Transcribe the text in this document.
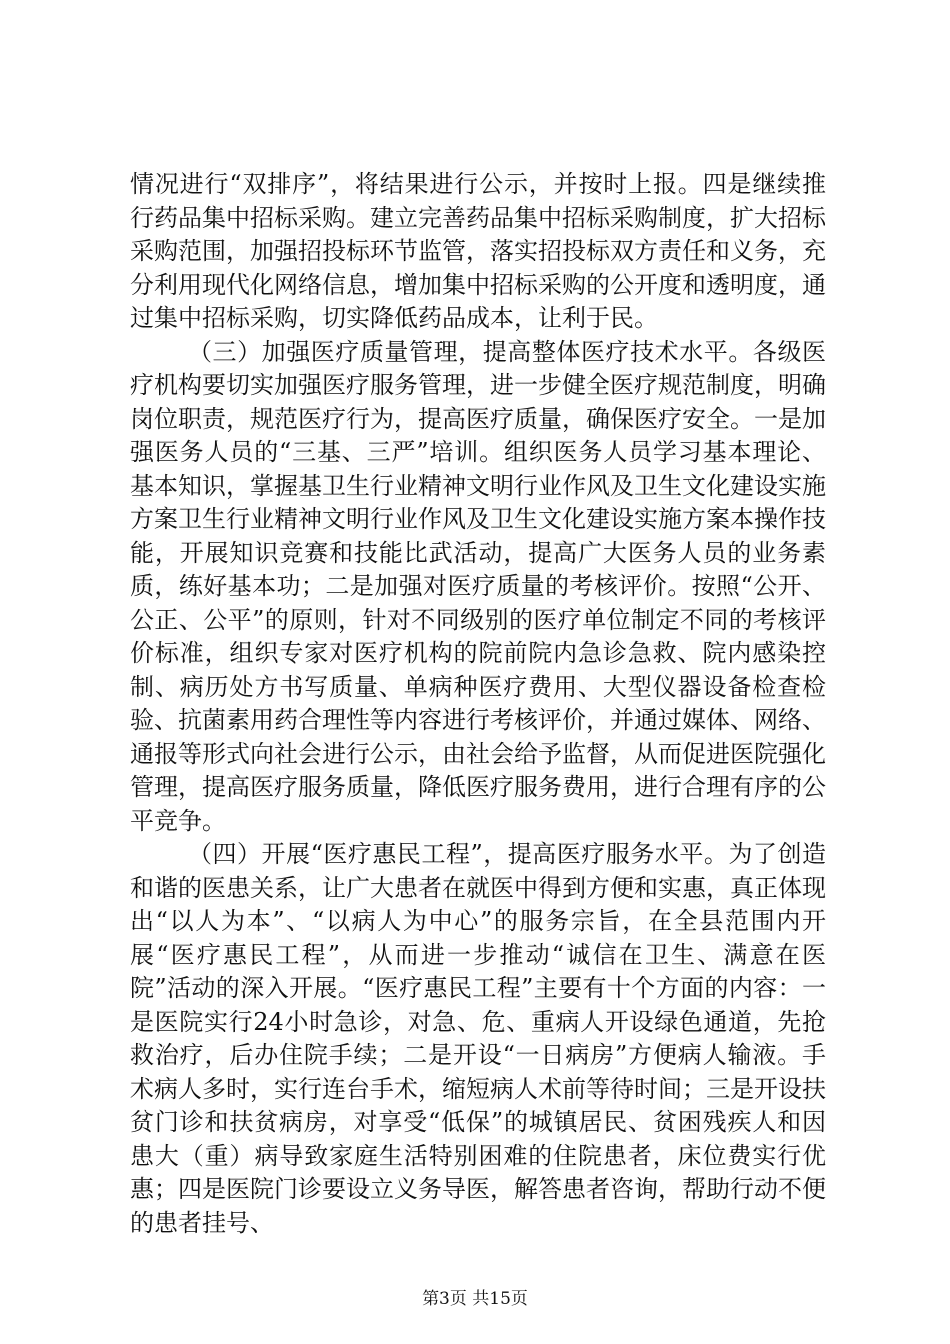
情况进行“双排序”，将结果进行公示，并按时上报。四是继续推行药品集中招标采购。建立完善药品集中招标采购制度，扩大招标采购范围，加强招投标环节监管，落实招投标双方责任和义务，充分利用现代化网络信息，增加集中招标采购的公开度和透明度，通过集中招标采购，切实降低药品成本，让利于民。

（三）加强医疗质量管理，提高整体医疗技术水平。各级医疗机构要切实加强医疗服务管理，进一步健全医疗规范制度，明确岗位职责，规范医疗行为，提高医疗质量，确保医疗安全。一是加强医务人员的“三基、三严”培训。组织医务人员学习基本理论、基本知识，掌握基卫生行业精神文明行业作风及卫生文化建设实施方案卫生行业精神文明行业作风及卫生文化建设实施方案本操作技能，开展知识竞赛和技能比武活动，提高广大医务人员的业务素质，练好基本功；二是加强对医疗质量的考核评价。按照“公开、公正、公平”的原则，针对不同级别的医疗单位制定不同的考核评价标准，组织专家对医疗机构的院前院内急诊急救、院内感染控制、病历处方书写质量、单病种医疗费用、大型仪器设备检查检验、抗菌素用药合理性等内容进行考核评价，并通过媒体、网络、通报等形式向社会进行公示，由社会给予监督，从而促进医院强化管理，提高医疗服务质量，降低医疗服务费用，进行合理有序的公平竞争。

（四）开展“医疗惠民工程”，提高医疗服务水平。为了创造和谐的医患关系，让广大患者在就医中得到方便和实惠，真正体现出“以人为本”、“以病人为中心”的服务宗旨，在全县范围内开展“医疗惠民工程”，从而进一步推动“诚信在卫生、满意在医院”活动的深入开展。“医疗惠民工程”主要有十个方面的内容：一是医院实行24小时急诊，对急、危、重病人开设绿色通道，先抢救治疗，后办住院手续；二是开设“一日病房”方便病人输液。手术病人多时，实行连台手术，缩短病人术前等待时间；三是开设扶贫门诊和扶贫病房，对享受“低保”的城镇居民、贫困残疾人和因患大（重）病导致家庭生活特别困难的住院患者，床位费实行优惠；四是医院门诊要设立义务导医，解答患者咨询，帮助行动不便的患者挂号、

第3页 共15页
